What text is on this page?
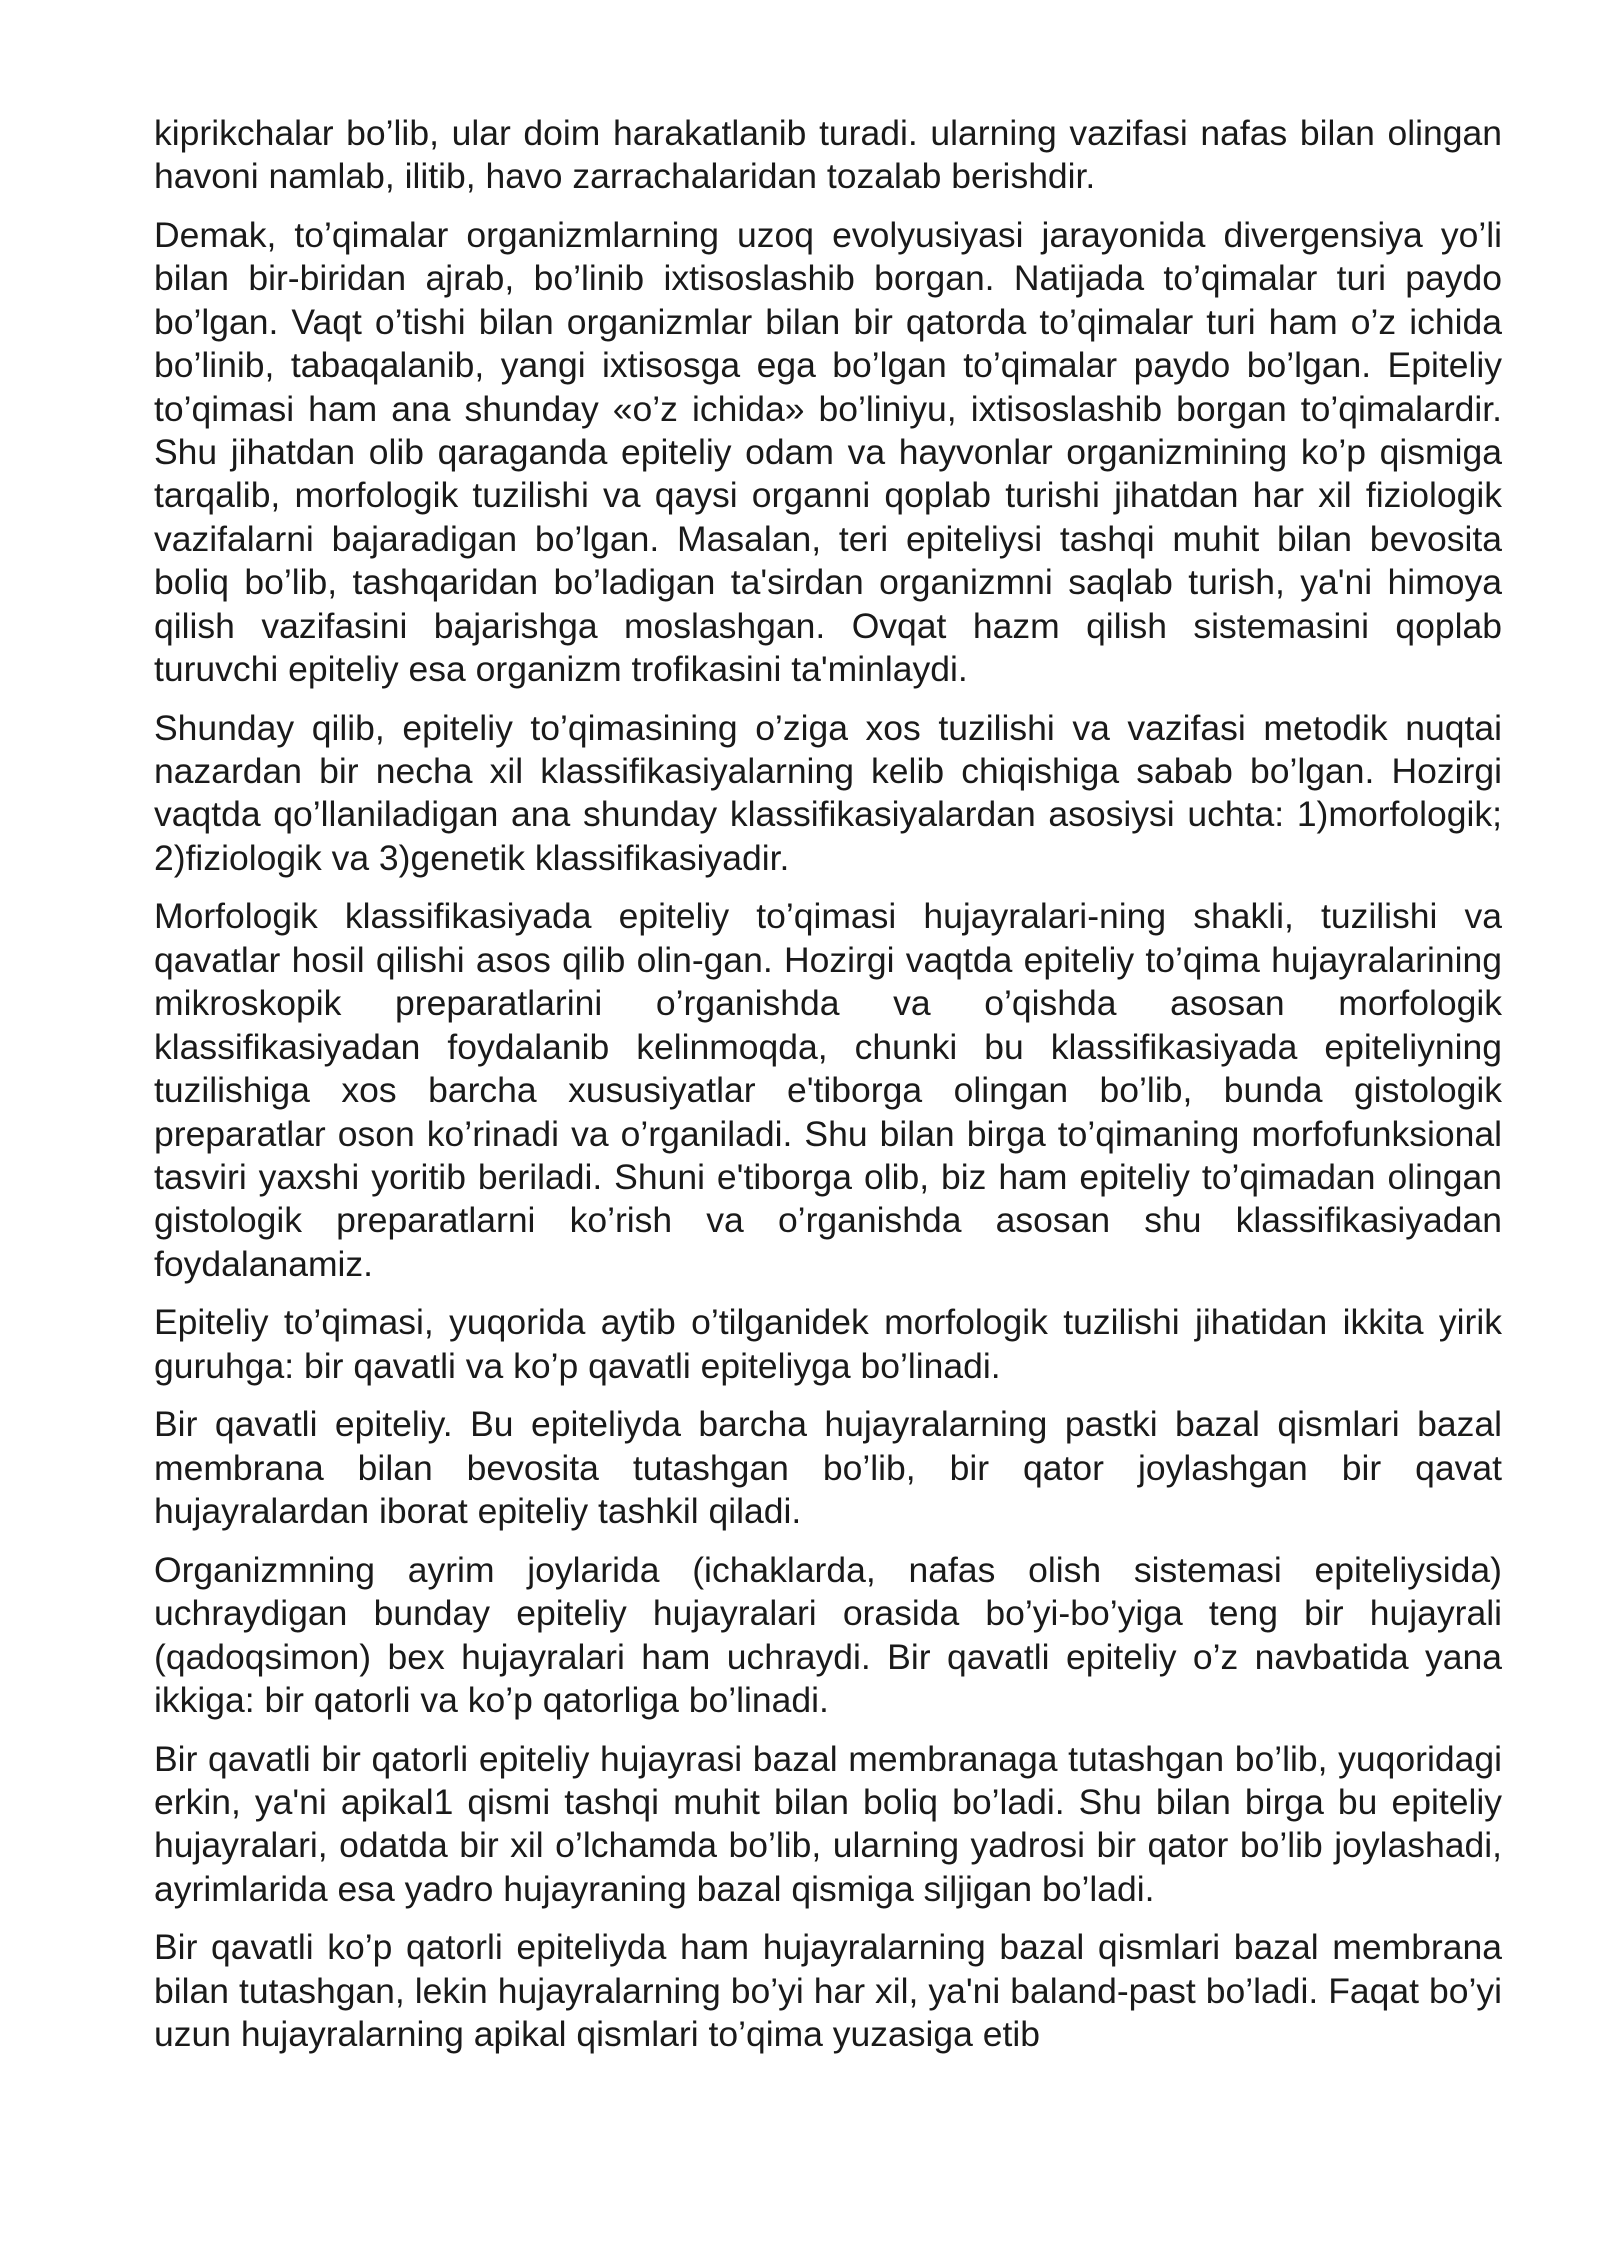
kiprikchalar bo’lib, ular doim harakatlanib turadi. ularning vazifasi nafas bilan olingan havoni namlab, ilitib, havo zarrachalaridan tozalab berishdir.

Demak, to’qimalar organizmlarning uzoq evolyusiyasi jarayonida divergensiya yo’li bilan bir-biridan ajrab, bo’linib ixtisoslashib borgan. Natijada to’qimalar turi paydo bo’lgan. Vaqt o’tishi bilan organizmlar bilan bir qatorda to’qimalar turi ham o’z ichida bo’linib, tabaqalanib, yangi ixtisosga ega bo’lgan to’qimalar paydo bo’lgan. Epiteliy to’qimasi ham ana shunday «o’z ichida» bo’liniyu, ixtisoslashib borgan to’qimalardir. Shu jihatdan olib qaraganda epiteliy odam va hayvonlar organizmining ko’p qismiga tarqalib, morfologik tuzilishi va qaysi organni qoplab turishi jihatdan har xil fiziologik vazifalarni bajaradigan bo’lgan. Masalan, teri epiteliysi tashqi muhit bilan bevosita boliq bo’lib, tashqaridan bo’ladigan ta'sirdan organizmni saqlab turish, ya'ni himoya qilish vazifasini bajarishga moslashgan. Ovqat hazm qilish sistemasini qoplab turuvchi epiteliy esa organizm trofikasini ta'minlaydi.

Shunday qilib, epiteliy to’qimasining o’ziga xos tuzilishi va vazifasi metodik nuqtai nazardan bir necha xil klassifikasiyalarning kelib chiqishiga sabab bo’lgan. Hozirgi vaqtda qo’llaniladigan ana shunday klassifikasiyalardan asosiysi uchta: 1)morfologik; 2)fiziologik va 3)genetik klassifikasiyadir.

Morfologik klassifikasiyada epiteliy to’qimasi hujayralari-ning shakli, tuzilishi va qavatlar hosil qilishi asos qilib olin-gan. Hozirgi vaqtda epiteliy to’qima hujayralarining mikroskopik preparatlarini o’rganishda va o’qishda asosan morfologik klassifikasiyadan foydalanib kelinmoqda, chunki bu klassifikasiyada epiteliyning tuzilishiga xos barcha xususiyatlar e'tiborga olingan bo’lib, bunda gistologik preparatlar oson ko’rinadi va o’rganiladi. Shu bilan birga to’qimaning morfofunksional tasviri yaxshi yoritib beriladi. Shuni e'tiborga olib, biz ham epiteliy to’qimadan olingan gistologik preparatlarni ko’rish va o’rganishda asosan shu klassifikasiyadan foydalanamiz.

Epiteliy to’qimasi, yuqorida aytib o’tilganidek morfologik tuzilishi jihatidan ikkita yirik guruhga: bir qavatli va ko’p qavatli epiteliyga bo’linadi.

Bir qavatli epiteliy. Bu epiteliyda barcha hujayralarning pastki bazal qismlari bazal membrana bilan bevosita tutashgan bo’lib, bir qator joylashgan bir qavat hujayralardan iborat epiteliy tashkil qiladi.

Organizmning ayrim joylarida (ichaklarda, nafas olish sistemasi epiteliysida) uchraydigan bunday epiteliy hujayralari orasida bo’yi-bo’yiga teng bir hujayrali (qadoqsimon) bex hujayralari ham uchraydi. Bir qavatli epiteliy o’z navbatida yana ikkiga: bir qatorli va ko’p qatorliga bo’linadi.

Bir qavatli bir qatorli epiteliy hujayrasi bazal membranaga tutashgan bo’lib, yuqoridagi erkin, ya'ni apikal1 qismi tashqi muhit bilan boliq bo’ladi. Shu bilan birga bu epiteliy hujayralari, odatda bir xil o’lchamda bo’lib, ularning yadrosi bir qator bo’lib joylashadi, ayrimlarida esa yadro hujayraning bazal qismiga siljigan bo’ladi.

Bir qavatli ko’p qatorli epiteliyda ham hujayralarning bazal qismlari bazal membrana bilan tutashgan, lekin hujayralarning bo’yi har xil, ya'ni baland-past bo’ladi. Faqat bo’yi uzun hujayralarning apikal qismlari to’qima yuzasiga etib
